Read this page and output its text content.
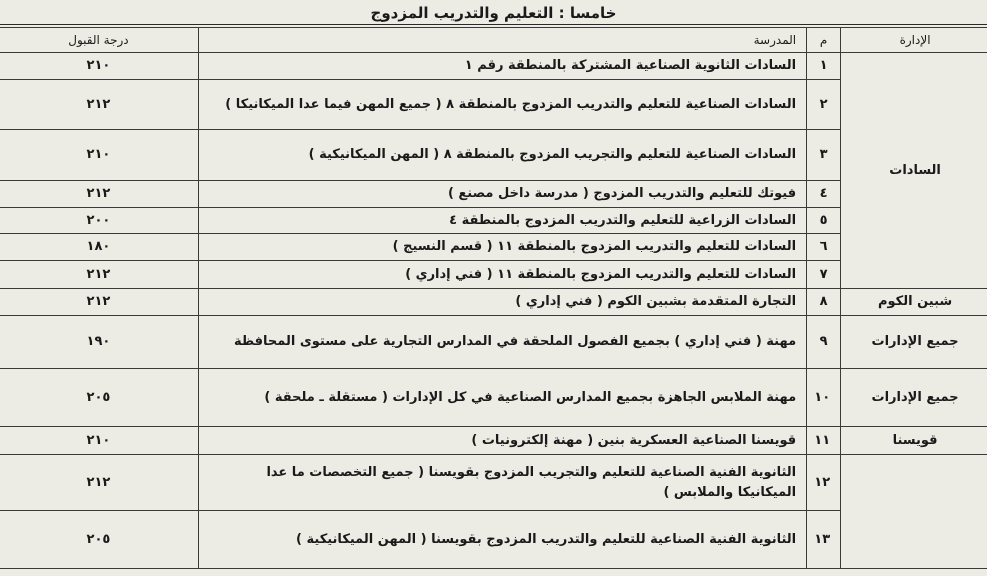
خامسا : التعليم والتدريب المزدوج
الإدارة	م	المدرسة	درجة القبول
السادات	١	السادات الثانوية الصناعية المشتركة بالمنطقة رقم ١	٢١٠
	٢	السادات الصناعية للتعليم والتدريب المزدوج بالمنطقة ٨ ( جميع المهن فيما عدا الميكانيكا )	٢١٢
	٣	السادات الصناعية للتعليم والتجريب المزدوج بالمنطقة ٨ ( المهن الميكانيكية )	٢١٠
	٤	فيوتك للتعليم والتدريب المزدوج ( مدرسة داخل مصنع )	٢١٢
	٥	السادات الزراعية للتعليم والتدريب المزدوج بالمنطقة ٤	٢٠٠
	٦	السادات للتعليم والتدريب المزدوج بالمنطقة ١١ ( قسم النسيج )	١٨٠
	٧	السادات للتعليم والتدريب المزدوج بالمنطقة ١١ ( فني إداري )	٢١٢
شبين الكوم	٨	التجارة المتقدمة بشبين الكوم ( فني إداري )	٢١٢
جميع الإدارات	٩	مهنة ( فني إداري ) بجميع الفصول الملحقة في المدارس التجارية على مستوى المحافظة	١٩٠
جميع الإدارات	١٠	مهنة الملابس الجاهزة بجميع المدارس الصناعية في كل الإدارات ( مستقلة ـ ملحقة )	٢٠٥
قويسنا	١١	قويسنا الصناعية العسكرية بنين ( مهنة إلكترونيات )	٢١٠
	١٢	الثانوية الفنية الصناعية للتعليم والتجريب المزدوج بقويسنا ( جميع التخصصات ما عدا الميكانيكا والملابس )	٢١٢
	١٣	الثانوية الفنية الصناعية للتعليم والتدريب المزدوج بقويسنا ( المهن الميكانيكية )	٢٠٥
